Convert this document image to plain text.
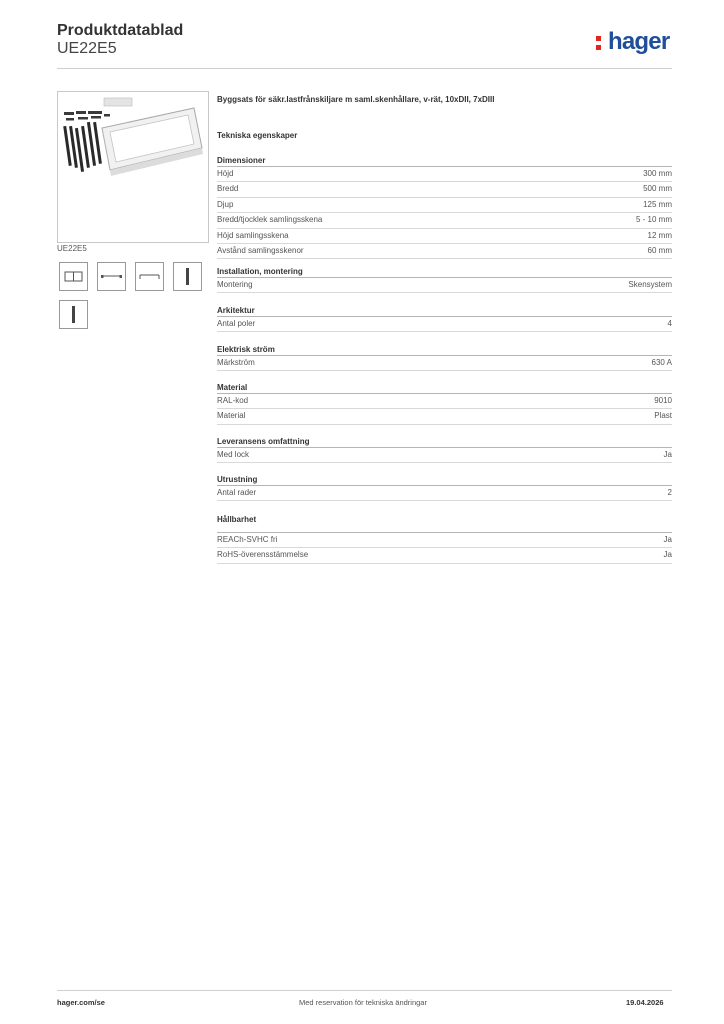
Produktdatablad
UE22E5	hager
UE22E5
Byggsats för säkr.lastfrånskiljare m saml.skenhållare, v-rät, 10xDII, 7xDIII
Tekniska egenskaper
Dimensioner
Höjd	300 mm
Bredd	500 mm
Djup	125 mm
Bredd/tjocklek samlingsskena	5 - 10 mm
Höjd samlingsskena	12 mm
Avstånd samlingsskenor	60 mm
Installation, montering
Montering	Skensystem
Arkitektur
Antal poler	4
Elektrisk ström
Märkström	630 A
Material
RAL-kod	9010
Material	Plast
Leveransens omfattning
Med lock	Ja
Utrustning
Antal rader	2
Hållbarhet
REACh-SVHC fri	Ja
RoHS-överensstämmelse	Ja
hager.com/se	Med reservation för tekniska ändringar	19.04.2026
